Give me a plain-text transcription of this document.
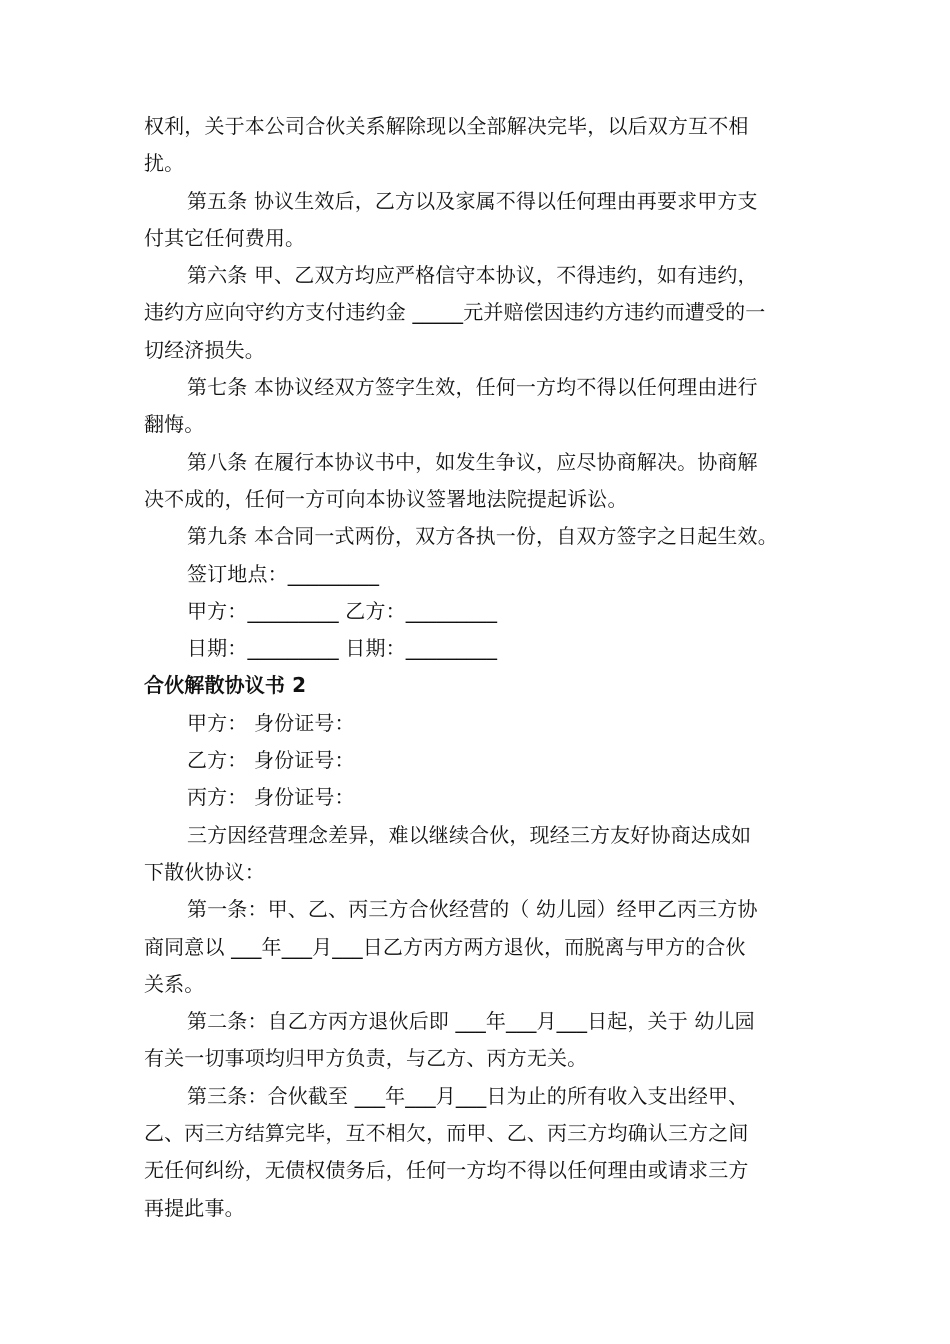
权利，关于本公司合伙关系解除现以全部解决完毕，以后双方互不相
扰。
第五条 协议生效后，乙方以及家属不得以任何理由再要求甲方支
付其它任何费用。
第六条 甲、乙双方均应严格信守本协议，不得违约，如有违约，
违约方应向守约方支付违约金 _____元并赔偿因违约方违约而遭受的一
切经济损失。
第七条 本协议经双方签字生效，任何一方均不得以任何理由进行
翻悔。
第八条 在履行本协议书中，如发生争议，应尽协商解决。协商解
决不成的，任何一方可向本协议签署地法院提起诉讼。
第九条 本合同一式两份，双方各执一份，自双方签字之日起生效。
签订地点：_________
甲方：_________ 乙方：_________
日期：_________ 日期：_________
合伙解散协议书 2
甲方： 身份证号：
乙方： 身份证号：
丙方： 身份证号：
三方因经营理念差异，难以继续合伙，现经三方友好协商达成如
下散伙协议：
第一条：甲、乙、丙三方合伙经营的（ 幼儿园）经甲乙丙三方协
商同意以 ___年___月___日乙方丙方两方退伙，而脱离与甲方的合伙
关系。
第二条：自乙方丙方退伙后即 ___年___月___日起，关于 幼儿园
有关一切事项均归甲方负责，与乙方、丙方无关。
第三条：合伙截至 ___年___月___日为止的所有收入支出经甲、
乙、丙三方结算完毕，互不相欠，而甲、乙、丙三方均确认三方之间
无任何纠纷，无债权债务后，任何一方均不得以任何理由或请求三方
再提此事。
